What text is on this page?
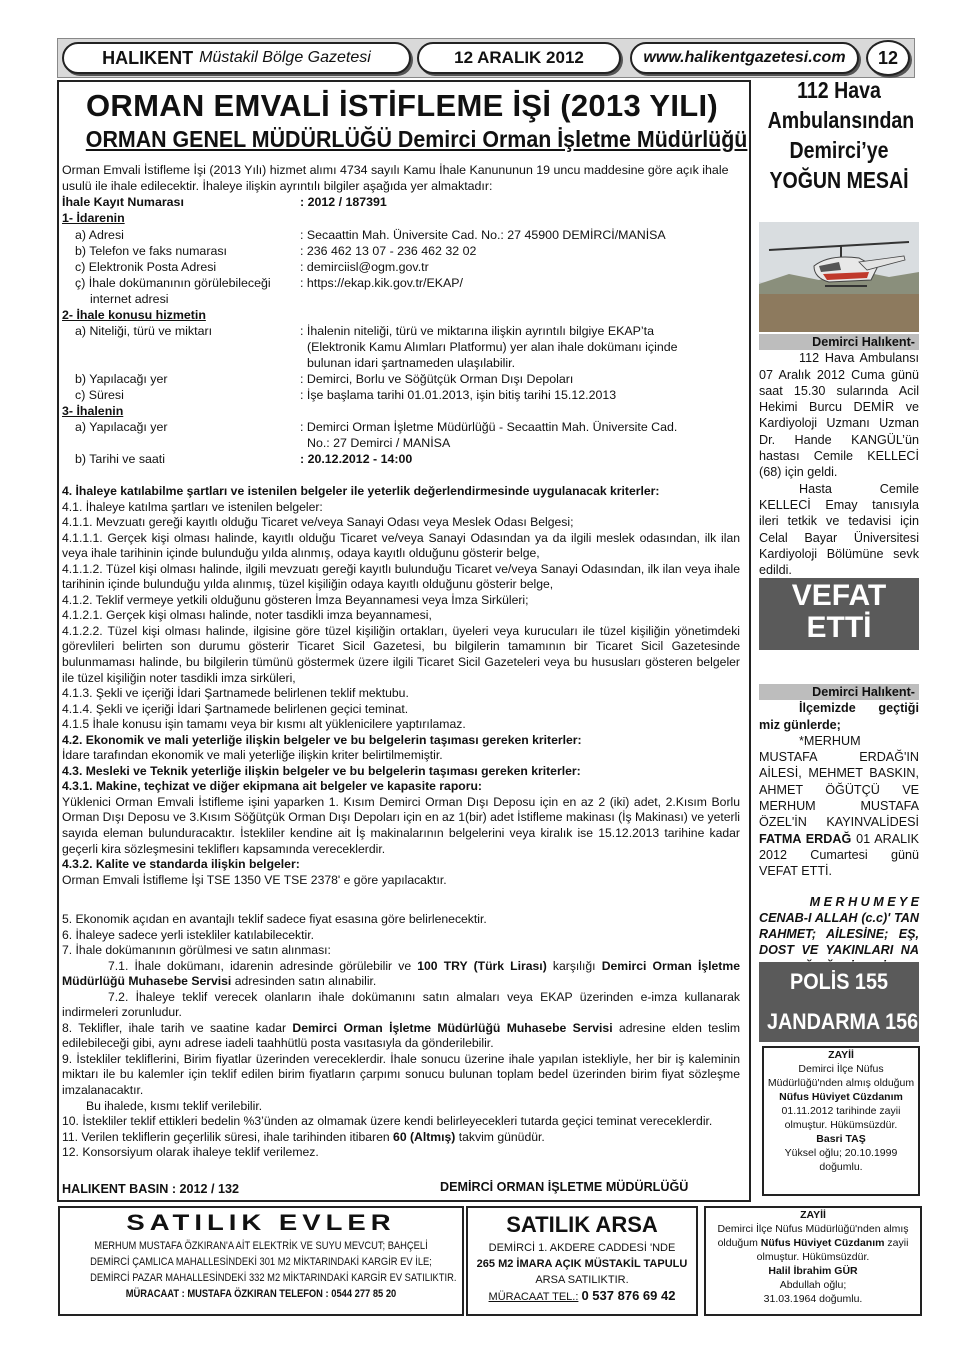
HALIKENT Müstakil Bölge Gazetesi	12 ARALIK 2012	www.halikentgazetesi.com	12
ORMAN EMVALİ İSTİFLEME İŞİ (2013 YILI)
ORMAN GENEL MÜDÜRLÜĞÜ Demirci Orman İşletme Müdürlüğü
Orman Emvali İstifleme İşi (2013 Yılı) hizmet alımı 4734 sayılı Kamu İhale Kanununun 19 uncu maddesine göre açık ihale usulü ile ihale edilecektir. İhaleye ilişkin ayrıntılı bilgiler aşağıda yer almaktadır:
İhale Kayıt Numarası	: 2012 / 187391
1- İdarenin
a) Adresi	: Secaattin Mah. Üniversite Cad. No.: 27 45900 DEMİRCİ/MANİSA
b) Telefon ve faks numarası	: 236 462 13 07 - 236 462 32 02
c) Elektronik Posta Adresi	: demirciisl@ogm.gov.tr
ç) İhale dokümanının görülebileceği : https://ekap.kik.gov.tr/EKAP/
internet adresi
2- İhale konusu hizmetin
a) Niteliği, türü ve miktarı	: İhalenin niteliği, türü ve miktarına ilişkin ayrıntılı bilgiye EKAP’ta
(Elektronik Kamu Alımları Platformu) yer alan ihale dokümanı içinde
bulunan idari şartnameden ulaşılabilir.
b) Yapılacağı yer	: Demirci, Borlu ve Söğütçük Orman Dışı Depoları
c) Süresi	: İşe başlama tarihi 01.01.2013, işin bitiş tarihi 15.12.2013
3- İhalenin
a) Yapılacağı yer	: Demirci Orman İşletme Müdürlüğü - Secaattin Mah. Üniversite Cad.
No.: 27 Demirci / MANİSA
b) Tarihi ve saati	: 20.12.2012 - 14:00
4. İhaleye katılabilme şartları ve istenilen belgeler ile yeterlik değerlendirmesinde uygulanacak kriterler:
4.1. İhaleye katılma şartları ve istenilen belgeler:
4.1.1. Mevzuatı gereği kayıtlı olduğu Ticaret ve/veya Sanayi Odası veya Meslek Odası Belgesi;
4.1.1.1. Gerçek kişi olması halinde, kayıtlı olduğu Ticaret ve/veya Sanayi Odasından ya da ilgili meslek odasından, ilk ilan veya ihale tarihinin içinde bulunduğu yılda alınmış, odaya kayıtlı olduğunu gösterir belge,
4.1.1.2. Tüzel kişi olması halinde, ilgili mevzuatı gereği kayıtlı bulunduğu Ticaret ve/veya Sanayi Odasından, ilk ilan veya ihale tarihinin içinde bulunduğu yılda alınmış, tüzel kişiliğin odaya kayıtlı olduğunu gösterir belge,
4.1.2. Teklif vermeye yetkili olduğunu gösteren İmza Beyannamesi veya İmza Sirküleri;
4.1.2.1. Gerçek kişi olması halinde, noter tasdikli imza beyannamesi,
4.1.2.2. Tüzel kişi olması halinde, ilgisine göre tüzel kişiliğin ortakları, üyeleri veya kurucuları ile tüzel kişiliğin yönetimdeki görevlileri belirten son durumu gösterir Ticaret Sicil Gazetesi, bu bilgilerin tamamının bir Ticaret Sicil Gazetesinde bulunmaması halinde, bu bilgilerin tümünü göstermek üzere ilgili Ticaret Sicil Gazeteleri veya bu hususları gösteren belgeler ile tüzel kişiliğin noter tasdikli imza sirküleri,
4.1.3. Şekli ve içeriği İdari Şartnamede belirlenen teklif mektubu.
4.1.4. Şekli ve içeriği İdari Şartnamede belirlenen geçici teminat.
4.1.5 İhale konusu işin tamamı veya bir kısmı alt yüklenicilere yaptırılamaz.
4.2. Ekonomik ve mali yeterliğe ilişkin belgeler ve bu belgelerin taşıması gereken kriterler:
İdare tarafından ekonomik ve mali yeterliğe ilişkin kriter belirtilmemiştir.
4.3. Mesleki ve Teknik yeterliğe ilişkin belgeler ve bu belgelerin taşıması gereken kriterler:
4.3.1. Makine, teçhizat ve diğer ekipmana ait belgeler ve kapasite raporu:
Yüklenici Orman Emvali İstifleme işini yaparken 1. Kısım Demirci Orman Dışı Deposu için en az 2 (iki) adet, 2.Kısım Borlu Orman Dışı Deposu ve 3.Kısım Söğütçük Orman Dışı Depoları için en az 1(bir) adet İstifleme makinası (İş Makinası) ve yeterli sayıda eleman bulunduracaktır. İstekliler kendine ait İş makinalarının belgelerini veya kiralık ise 15.12.2013 tarihine kadar geçerli kira sözleşmesini tekliflerı kapsamında vereceklerdir.
4.3.2. Kalite ve standarda ilişkin belgeler:
Orman Emvali İstifleme İşi TSE 1350 VE TSE 2378' e göre yapılacaktır.
5. Ekonomik açıdan en avantajlı teklif sadece fiyat esasına göre belirlenecektir.
6. İhaleye sadece yerli istekliler katılabilecektir.
7. İhale dokümanının görülmesi ve satın alınması:
7.1. İhale dokümanı, idarenin adresinde görülebilir ve 100 TRY (Türk Lirası) karşılığı Demirci Orman İşletme Müdürlüğü Muhasebe Servisi adresinden satın alınabilir.
7.2. İhaleye teklif verecek olanların ihale dokümanını satın almaları veya EKAP üzerinden e-imza kullanarak indirmeleri zorunludur.
8. Teklifler, ihale tarih ve saatine kadar Demirci Orman İşletme Müdürlüğü Muhasebe Servisi adresine elden teslim edilebileceği gibi, aynı adrese iadeli taahhütlü posta vasıtasıyla da gönderilebilir.
9. İstekliler tekliflerini, Birim fiyatlar üzerinden vereceklerdir. İhale sonucu üzerine ihale yapılan istekliyle, her bir iş kaleminin miktarı ile bu kalemler için teklif edilen birim fiyatların çarpımı sonucu bulunan toplam bedel üzerinden birim fiyat sözleşme imzalanacaktır.
Bu ihalede, kısmı teklif verilebilir.
10. İstekliler teklif ettikleri bedelin %3’ünden az olmamak üzere kendi belirleyecekleri tutarda geçici teminat vereceklerdir.
11. Verilen tekliflerin geçerlilik süresi, ihale tarihinden itibaren 60 (Altmış) takvim günüdür.
12. Konsorsiyum olarak ihaleye teklif verilemez.
HALIKENT BASIN : 2012 / 132	DEMİRCİ ORMAN İŞLETME MÜDÜRLÜĞÜ
112 Hava Ambulansından Demirci’ye YOĞUN MESAİ
Demirci Halıkent-
112 Hava Ambulansı 07 Aralık 2012 Cuma günü saat 15.30 sularında Acil Hekimi Burcu DEMİR ve Kardiyoloji Uzmanı Uzman Dr. Hande KANGÜL’ün hastası Cemile KELLECİ (68) için geldi.
Hasta Cemile KELLECİ Emay tanısıyla ileri tetkik ve tedavisi için Celal Bayar Üniversitesi Kardiyoloji Bölümüne sevk edildi.
VEFAT
ETTİ
Demirci Halıkent-
İlçemizde geçtiği miz günlerde;
*MERHUM MUSTAFA ERDAĞ'IN AİLESİ, MEHMET BASKIN, AHMET ÖĞÜTÇÜ VE MERHUM MUSTAFA ÖZEL'İN KAYINVALİDESİ FATMA ERDAĞ 01 ARALIK 2012 Cumartesi günü VEFAT ETTİ.
M E R H U M E Y E
CENAB-I ALLAH (c.c)' TAN RAHMET; AİLESİNE; EŞ, DOST VE YAKINLARI NA
POLİS 155
JANDARMA 156
ZAYİİ
Demirci İlçe Nüfus Müdürlüğü'nden almış olduğum Nüfus Hüviyet Cüzdanım 01.11.2012 tarihinde zayii olmuştur. Hükümsüzdür.
Basri TAŞ
Yüksel oğlu; 20.10.1999 doğumlu.
SATILIK EVLER
MERHUM MUSTAFA ÖZKIRAN'A AİT ELEKTRİK VE SUYU MEVCUT; BAHÇELİ
DEMİRCİ ÇAMLICA MAHALLESİNDEKİ 301 M2 MİKTARINDAKİ KARGİR EV İLE;
DEMİRCİ PAZAR MAHALLESİNDEKİ 332 M2 MİKTARINDAKİ KARGİR EV SATILIKTIR.
MÜRACAAT : MUSTAFA ÖZKIRAN TELEFON : 0544 277 85 20
SATILIK ARSA
DEMİRCİ 1. AKDERE CADDESİ 'NDE
265 M2 İMARA AÇIK MÜSTAKİL TAPULU
ARSA SATILIKTIR.
MÜRACAAT TEL.: 0 537 876 69 42
ZAYİİ
Demirci İlçe Nüfus Müdürlüğü'nden almış olduğum Nüfus Hüviyet Cüzdanım zayii olmuştur. Hükümsüzdür.
Halil İbrahim GÜR
Abdullah oğlu;
31.03.1964 doğumlu.
